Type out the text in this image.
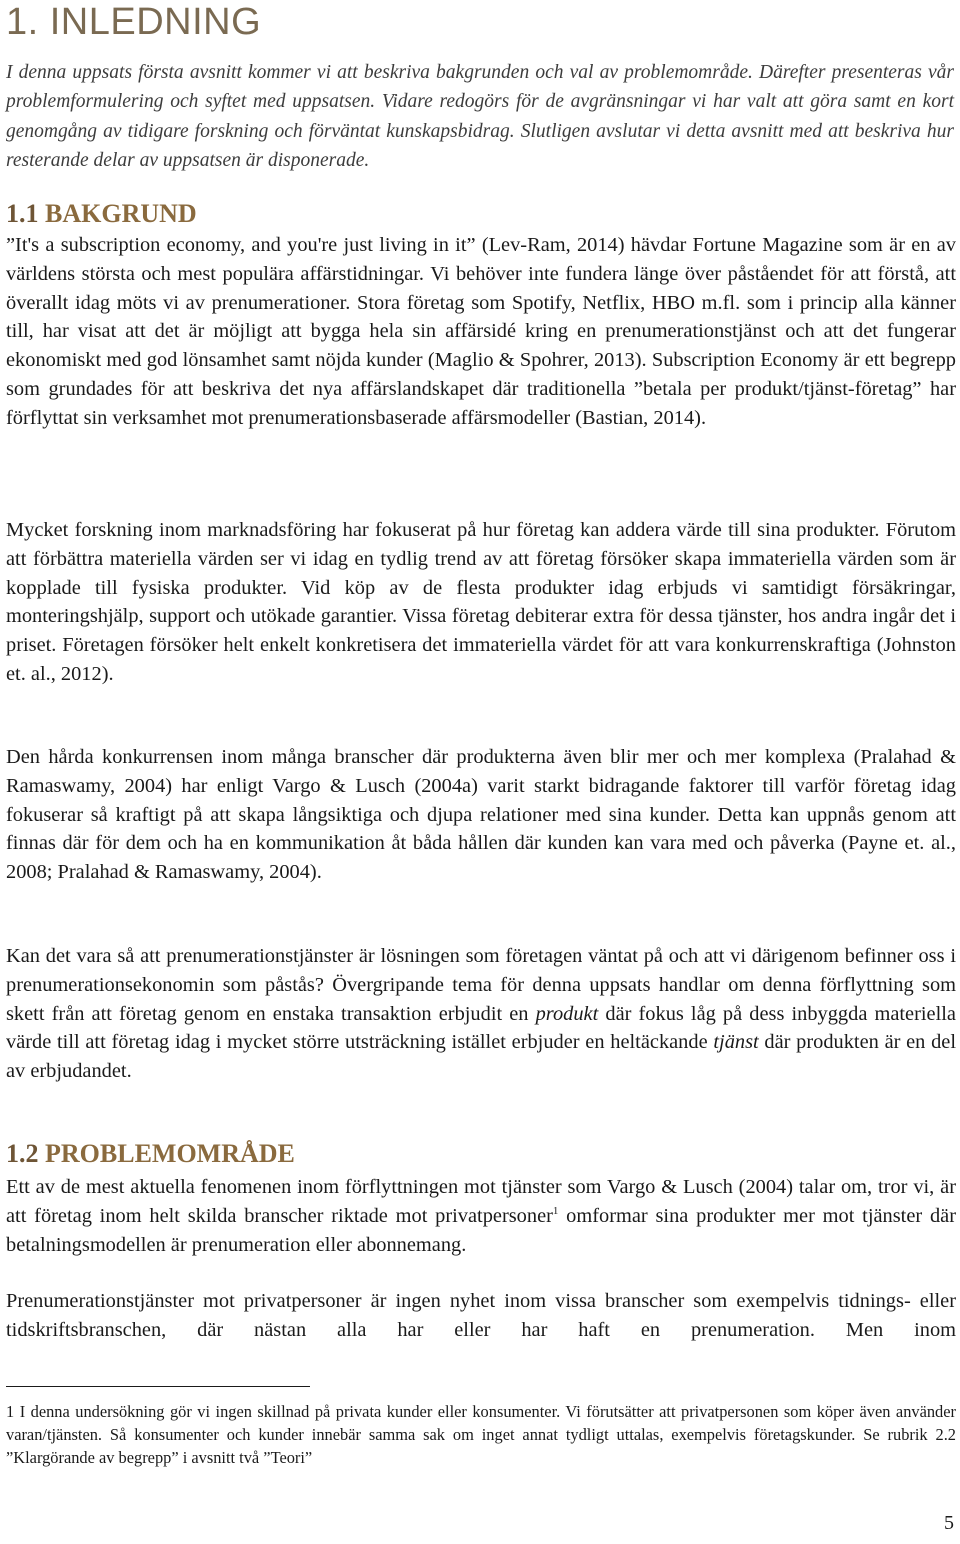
1. INLEDNING

I denna uppsats första avsnitt kommer vi att beskriva bakgrunden och val av problemområde. Därefter presenteras vår problemformulering och syftet med uppsatsen. Vidare redogörs för de avgränsningar vi har valt att göra samt en kort genomgång av tidigare forskning och förväntat kunskapsbidrag. Slutligen avslutar vi detta avsnitt med att beskriva hur resterande delar av uppsatsen är disponerade.

1.1 BAKGRUND

”It's a subscription economy, and you're just living in it” (Lev-Ram, 2014) hävdar Fortune Magazine som är en av världens största och mest populära affärstidningar. Vi behöver inte fundera länge över påståendet för att förstå, att överallt idag möts vi av prenumerationer. Stora företag som Spotify, Netflix, HBO m.fl. som i princip alla känner till, har visat att det är möjligt att bygga hela sin affärsidé kring en prenumerationstjänst och att det fungerar ekonomiskt med god lönsamhet samt nöjda kunder (Maglio & Spohrer, 2013). Subscription Economy är ett begrepp som grundades för att beskriva det nya affärslandskapet där traditionella ”betala per produkt/tjänst-företag” har förflyttat sin verksamhet mot prenumerationsbaserade affärsmodeller (Bastian, 2014).

Mycket forskning inom marknadsföring har fokuserat på hur företag kan addera värde till sina produkter. Förutom att förbättra materiella värden ser vi idag en tydlig trend av att företag försöker skapa immateriella värden som är kopplade till fysiska produkter. Vid köp av de flesta produkter idag erbjuds vi samtidigt försäkringar, monteringshjälp, support och utökade garantier. Vissa företag debiterar extra för dessa tjänster, hos andra ingår det i priset. Företagen försöker helt enkelt konkretisera det immateriella värdet för att vara konkurrenskraftiga (Johnston et. al., 2012).

Den hårda konkurrensen inom många branscher där produkterna även blir mer och mer komplexa (Pralahad & Ramaswamy, 2004) har enligt Vargo & Lusch (2004a) varit starkt bidragande faktorer till varför företag idag fokuserar så kraftigt på att skapa långsiktiga och djupa relationer med sina kunder. Detta kan uppnås genom att finnas där för dem och ha en kommunikation åt båda hållen där kunden kan vara med och påverka (Payne et. al., 2008; Pralahad & Ramaswamy, 2004).

Kan det vara så att prenumerationstjänster är lösningen som företagen väntat på och att vi därigenom befinner oss i prenumerationsekonomin som påstås? Övergripande tema för denna uppsats handlar om denna förflyttning som skett från att företag genom en enstaka transaktion erbjudit en produkt där fokus låg på dess inbyggda materiella värde till att företag idag i mycket större utsträckning istället erbjuder en heltäckande tjänst där produkten är en del av erbjudandet.

1.2 PROBLEMOMRÅDE

Ett av de mest aktuella fenomenen inom förflyttningen mot tjänster som Vargo & Lusch (2004) talar om, tror vi, är att företag inom helt skilda branscher riktade mot privatpersoner$^1$ omformar sina produkter mer mot tjänster där betalningsmodellen är prenumeration eller abonnemang.

Prenumerationstjänster mot privatpersoner är ingen nyhet inom vissa branscher som exempelvis tidnings- eller tidskriftsbranschen, där nästan alla har eller har haft en prenumeration. Men inom

1 I denna undersökning gör vi ingen skillnad på privata kunder eller konsumenter. Vi förutsätter att privatpersonen som köper även använder varan/tjänsten. Så konsumenter och kunder innebär samma sak om inget annat tydligt uttalas, exempelvis företagskunder. Se rubrik 2.2 ”Klargörande av begrepp” i avsnitt två ”Teori”

5
